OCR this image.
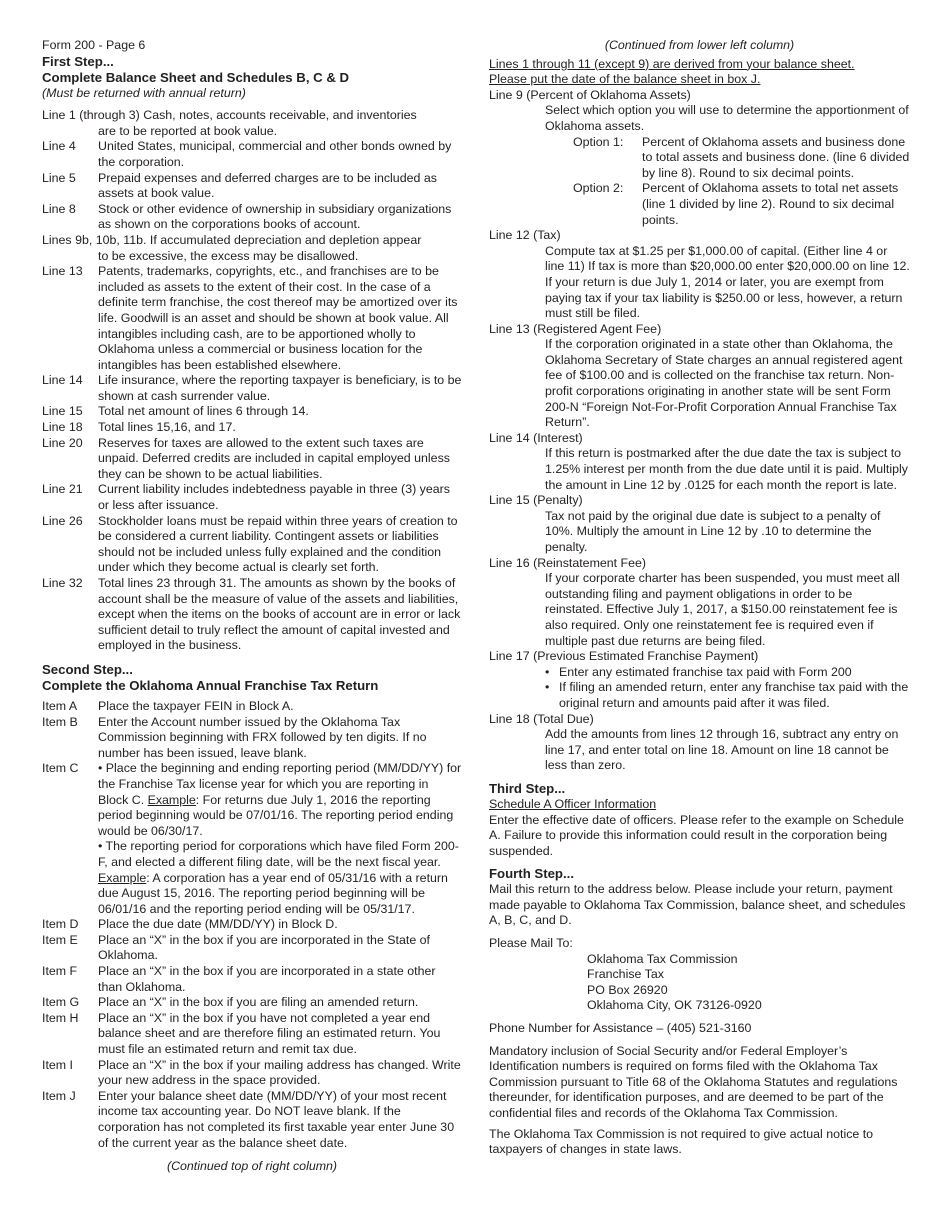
Form 200 - Page 6

First Step...

Complete Balance Sheet and Schedules B, C & D

(Must be returned with annual return)

Line 1 (through 3) Cash, notes, accounts receivable, and inventories

are to be reported at book value.

Line 4	United States, municipal, commercial and other bonds owned by the corporation.
Line 5	Prepaid expenses and deferred charges are to be included as assets at book value.
Line 8	Stock or other evidence of ownership in subsidiary organizations as shown on the corporations books of account.

Lines 9b, 10b, 11b. If accumulated depreciation and depletion appear

to be excessive, the excess may be disallowed.

Line 13	Patents, trademarks, copyrights, etc., and franchises are to be included as assets to the extent of their cost. In the case of a definite term franchise, the cost thereof may be amortized over its life. Goodwill is an asset and should be shown at book value. All intangibles including cash, are to be apportioned wholly to Oklahoma unless a commercial or business location for the intangibles has been established elsewhere.
Line 14	Life insurance, where the reporting taxpayer is beneficiary, is to be shown at cash surrender value.
Line 15	Total net amount of lines 6 through 14.
Line 18	Total lines 15,16, and 17.
Line 20	Reserves for taxes are allowed to the extent such taxes are unpaid. Deferred credits are included in capital employed unless they can be shown to be actual liabilities.
Line 21	Current liability includes indebtedness payable in three (3) years or less after issuance.
Line 26	Stockholder loans must be repaid within three years of creation to be considered a current liability. Contingent assets or liabilities should not be included unless fully explained and the condition under which they become actual is clearly set forth.
Line 32	Total lines 23 through 31. The amounts as shown by the books of account shall be the measure of value of the assets and liabilities, except when the items on the books of account are in error or lack sufficient detail to truly reflect the amount of capital invested and employed in the business.

Second Step...

Complete the Oklahoma Annual Franchise Tax Return

Item A	Place the taxpayer FEIN in Block A.
Item B	Enter the Account number issued by the Oklahoma Tax Commission beginning with FRX followed by ten digits. If no number has been issued, leave blank.
Item C	• Place the beginning and ending reporting period (MM/DD/YY) for the Franchise Tax license year for which you are reporting in Block C. Example: For returns due July 1, 2016 the reporting period beginning would be 07/01/16. The reporting period ending would be 06/30/17.
• The reporting period for corporations which have filed Form 200-F, and elected a different filing date, will be the next fiscal year. Example: A corporation has a year end of 05/31/16 with a return due August 15, 2016. The reporting period beginning will be 06/01/16 and the reporting period ending will be 05/31/17.
Item D	Place the due date (MM/DD/YY) in Block D.
Item E	Place an “X” in the box if you are incorporated in the State of Oklahoma.
Item F	Place an “X” in the box if you are incorporated in a state other than Oklahoma.
Item G	Place an “X” in the box if you are filing an amended return.
Item H	Place an “X” in the box if you have not completed a year end balance sheet and are therefore filing an estimated return. You must file an estimated return and remit tax due.
Item I	Place an “X” in the box if your mailing address has changed. Write your new address in the space provided.
Item J	Enter your balance sheet date (MM/DD/YY) of your most recent income tax accounting year. Do NOT leave blank. If the corporation has not completed its first taxable year enter June 30 of the current year as the balance sheet date.

(Continued top of right column)

(Continued from lower left column)

Lines 1 through 11 (except 9) are derived from your balance sheet.

Please put the date of the balance sheet in box J.

Line 9 (Percent of Oklahoma Assets)

Select which option you will use to determine the apportionment of Oklahoma assets.

Option 1:	Percent of Oklahoma assets and business done to total assets and business done. (line 6 divided by line 8). Round to six decimal points.
Option 2:	Percent of Oklahoma assets to total net assets (line 1 divided by line 2). Round to six decimal points.

Line 12 (Tax)

Compute tax at $1.25 per $1,000.00 of capital. (Either line 4 or line 11) If tax is more than $20,000.00 enter $20,000.00 on line 12. If your return is due July 1, 2014 or later, you are exempt from paying tax if your tax liability is $250.00 or less, however, a return must still be filed.

Line 13 (Registered Agent Fee)

If the corporation originated in a state other than Oklahoma, the Oklahoma Secretary of State charges an annual registered agent fee of $100.00 and is collected on the franchise tax return. Non-profit corporations originating in another state will be sent Form 200-N “Foreign Not-For-Profit Corporation Annual Franchise Tax Return”.

Line 14 (Interest)

If this return is postmarked after the due date the tax is subject to 1.25% interest per month from the due date until it is paid. Multiply the amount in Line 12 by .0125 for each month the report is late.

Line 15 (Penalty)

Tax not paid by the original due date is subject to a penalty of 10%. Multiply the amount in Line 12 by .10 to determine the penalty.

Line 16 (Reinstatement Fee)

If your corporate charter has been suspended, you must meet all outstanding filing and payment obligations in order to be reinstated. Effective July 1, 2017, a $150.00 reinstatement fee is also required. Only one reinstatement fee is required even if multiple past due returns are being filed.

Line 17 (Previous Estimated Franchise Payment)

• Enter any estimated franchise tax paid with Form 200
• If filing an amended return, enter any franchise tax paid with the original return and amounts paid after it was filed.

Line 18 (Total Due)

Add the amounts from lines 12 through 16, subtract any entry on line 17, and enter total on line 18. Amount on line 18 cannot be less than zero.

Third Step...

Schedule A Officer Information

Enter the effective date of officers. Please refer to the example on Schedule A. Failure to provide this information could result in the corporation being suspended.

Fourth Step...

Mail this return to the address below. Please include your return, payment made payable to Oklahoma Tax Commission, balance sheet, and schedules A, B, C, and D.

Please Mail To:

Oklahoma Tax Commission

Franchise Tax

PO Box 26920

Oklahoma City, OK 73126-0920

Phone Number for Assistance – (405) 521-3160

Mandatory inclusion of Social Security and/or Federal Employer’s Identification numbers is required on forms filed with the Oklahoma Tax Commission pursuant to Title 68 of the Oklahoma Statutes and regulations thereunder, for identification purposes, and are deemed to be part of the confidential files and records of the Oklahoma Tax Commission.

The Oklahoma Tax Commission is not required to give actual notice to taxpayers of changes in state laws.
